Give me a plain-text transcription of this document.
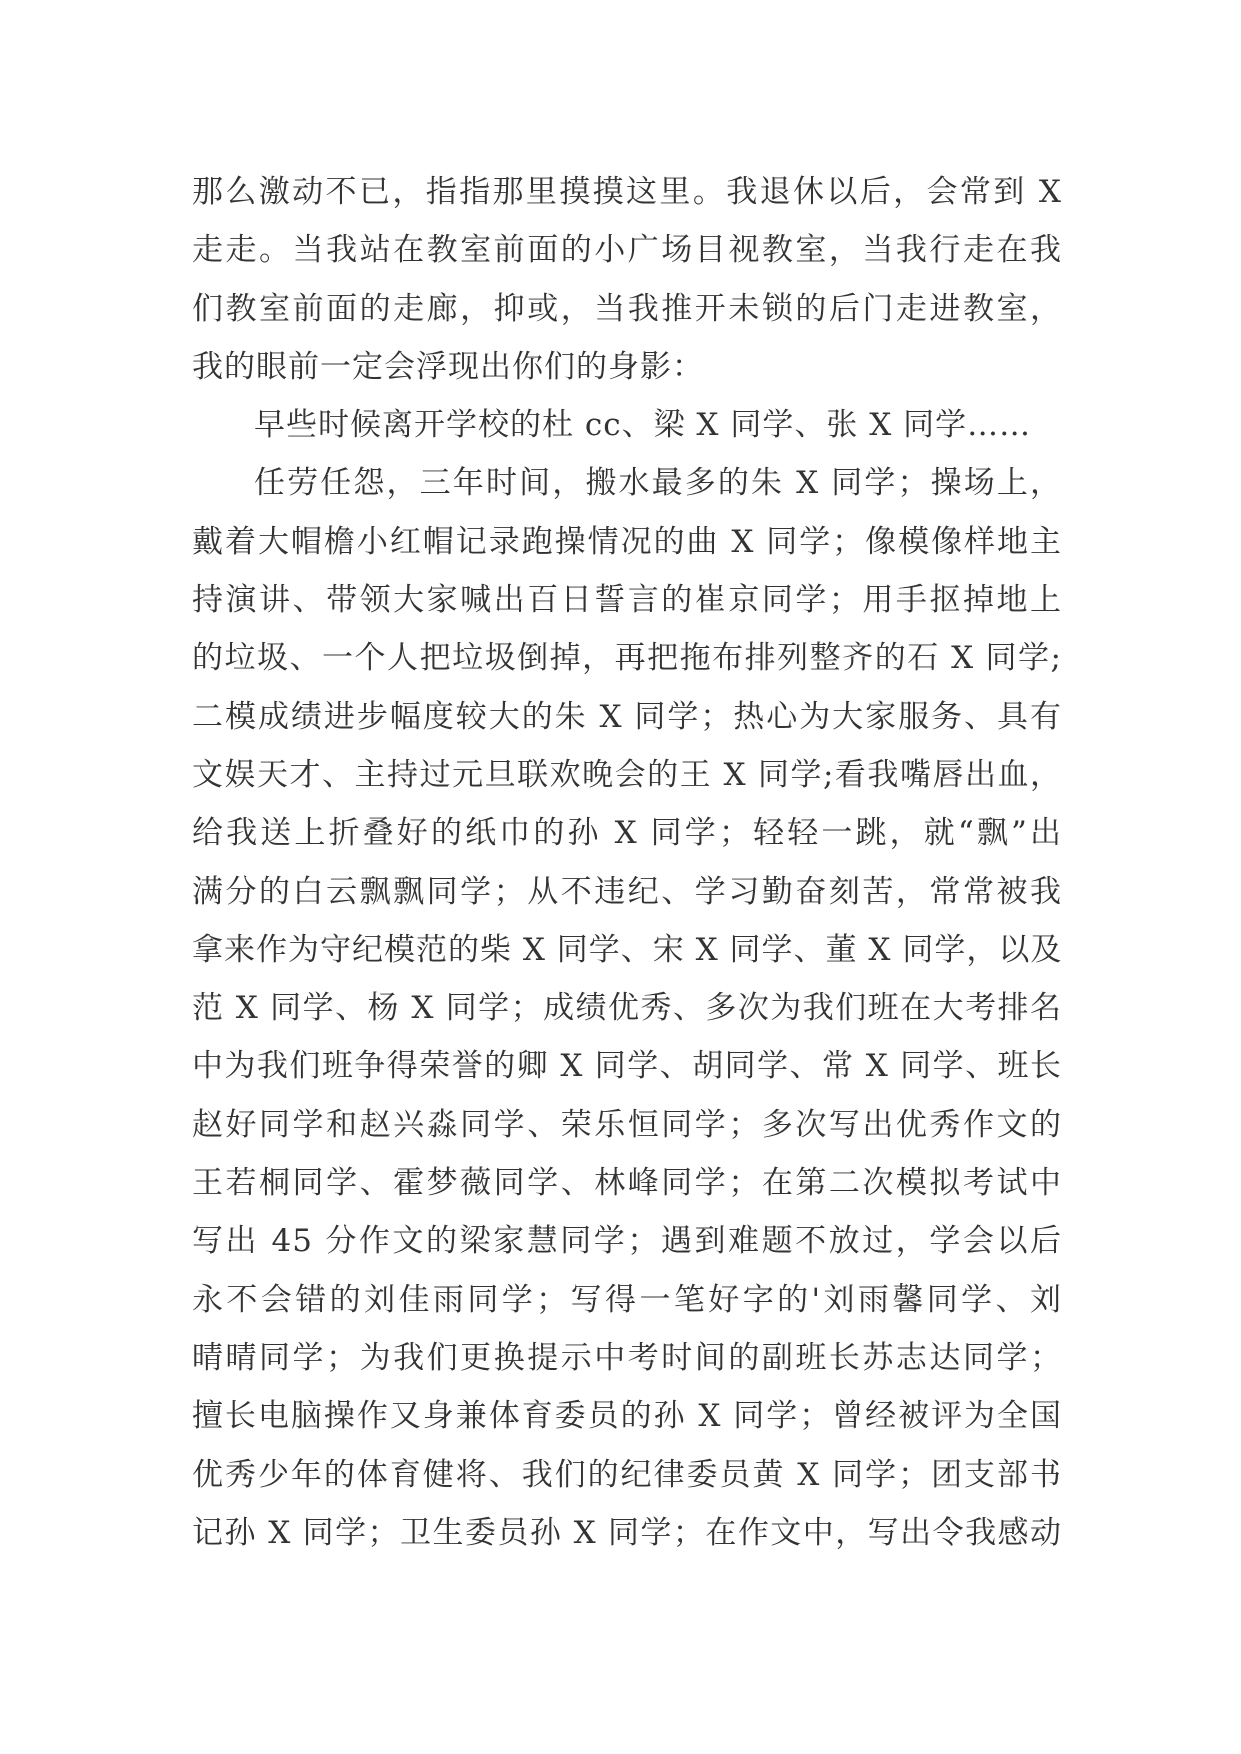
那么激动不已，指指那里摸摸这里。我退休以后，会常到 X
走走。当我站在教室前面的小广场目视教室，当我行走在我
们教室前面的走廊，抑或，当我推开未锁的后门走进教室，
我的眼前一定会浮现出你们的身影：
早些时候离开学校的杜 cc、梁 X 同学、张 X 同学……
任劳任怨，三年时间，搬水最多的朱 X 同学；操场上，
戴着大帽檐小红帽记录跑操情况的曲 X 同学；像模像样地主
持演讲、带领大家喊出百日誓言的崔京同学；用手抠掉地上
的垃圾、一个人把垃圾倒掉，再把拖布排列整齐的石 X 同学;
二模成绩进步幅度较大的朱 X 同学；热心为大家服务、具有
文娱天才、主持过元旦联欢晚会的王 X 同学;看我嘴唇出血，
给我送上折叠好的纸巾的孙 X 同学；轻轻一跳，就“飘”出
满分的白云飘飘同学；从不违纪、学习勤奋刻苦，常常被我
拿来作为守纪模范的柴 X 同学、宋 X 同学、董 X 同学，以及
范 X 同学、杨 X 同学；成绩优秀、多次为我们班在大考排名
中为我们班争得荣誉的卿 X 同学、胡同学、常 X 同学、班长
赵好同学和赵兴淼同学、荣乐恒同学；多次写出优秀作文的
王若桐同学、霍梦薇同学、林峰同学；在第二次模拟考试中
写出 45 分作文的梁家慧同学；遇到难题不放过，学会以后
永不会错的刘佳雨同学；写得一笔好字的'刘雨馨同学、刘
晴晴同学；为我们更换提示中考时间的副班长苏志达同学；
擅长电脑操作又身兼体育委员的孙 X 同学；曾经被评为全国
优秀少年的体育健将、我们的纪律委员黄 X 同学；团支部书
记孙 X 同学；卫生委员孙 X 同学；在作文中，写出令我感动
